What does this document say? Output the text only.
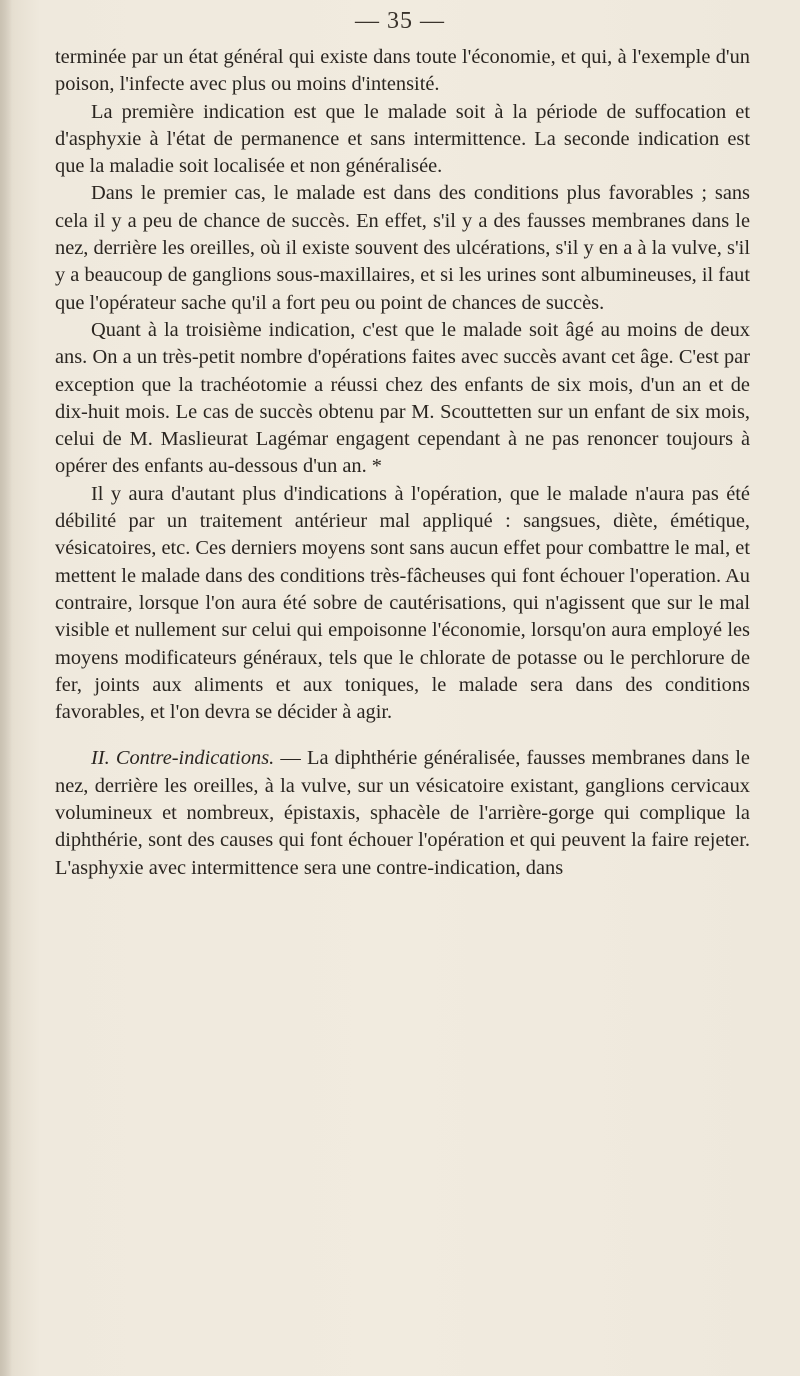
— 35 —

terminée par un état général qui existe dans toute l'économie, et qui, à l'exemple d'un poison, l'infecte avec plus ou moins d'intensité.

La première indication est que le malade soit à la période de suffocation et d'asphyxie à l'état de permanence et sans intermittence. La seconde indication est que la maladie soit localisée et non généralisée.

Dans le premier cas, le malade est dans des conditions plus favorables ; sans cela il y a peu de chance de succès. En effet, s'il y a des fausses membranes dans le nez, derrière les oreilles, où il existe souvent des ulcérations, s'il y en a à la vulve, s'il y a beaucoup de ganglions sous-maxillaires, et si les urines sont albumineuses, il faut que l'opérateur sache qu'il a fort peu ou point de chances de succès.

Quant à la troisième indication, c'est que le malade soit âgé au moins de deux ans. On a un très-petit nombre d'opérations faites avec succès avant cet âge. C'est par exception que la trachéotomie a réussi chez des enfants de six mois, d'un an et de dix-huit mois. Le cas de succès obtenu par M. Scouttetten sur un enfant de six mois, celui de M. Maslieurat Lagémar engagent cependant à ne pas renoncer toujours à opérer des enfants au-dessous d'un an. *

Il y aura d'autant plus d'indications à l'opération, que le malade n'aura pas été débilité par un traitement antérieur mal appliqué : sangsues, diète, émétique, vésicatoires, etc. Ces derniers moyens sont sans aucun effet pour combattre le mal, et mettent le malade dans des conditions très-fâcheuses qui font échouer l'operation. Au contraire, lorsque l'on aura été sobre de cautérisations, qui n'agissent que sur le mal visible et nullement sur celui qui empoisonne l'économie, lorsqu'on aura employé les moyens modificateurs généraux, tels que le chlorate de potasse ou le perchlorure de fer, joints aux aliments et aux toniques, le malade sera dans des conditions favorables, et l'on devra se décider à agir.

II. Contre-indications. — La diphthérie généralisée, fausses membranes dans le nez, derrière les oreilles, à la vulve, sur un vésicatoire existant, ganglions cervicaux volumineux et nombreux, épistaxis, sphacèle de l'arrière-gorge qui complique la diphthérie, sont des causes qui font échouer l'opération et qui peuvent la faire rejeter. L'asphyxie avec intermittence sera une contre-indication, dans
